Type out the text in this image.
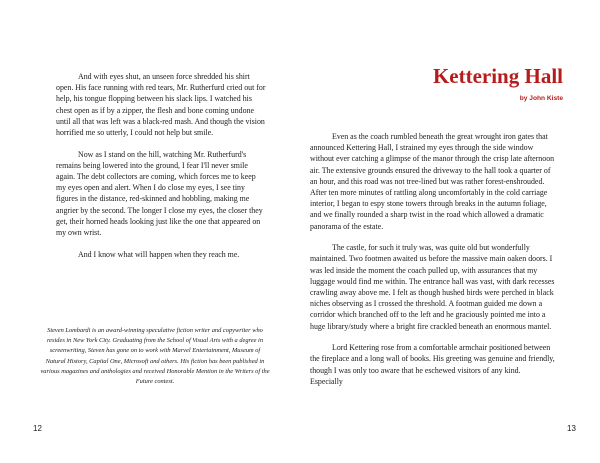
And with eyes shut, an unseen force shredded his shirt open. His face running with red tears, Mr. Rutherfurd cried out for help, his tongue flopping between his slack lips. I watched his chest open as if by a zipper, the flesh and bone coming undone until all that was left was a black-red mash. And though the vision horrified me so utterly, I could not help but smile.

Now as I stand on the hill, watching Mr. Rutherfurd's remains being lowered into the ground, I fear I'll never smile again. The debt collectors are coming, which forces me to keep my eyes open and alert. When I do close my eyes, I see tiny figures in the distance, red-skinned and hobbling, making me angrier by the second. The longer I close my eyes, the closer they get, their horned heads looking just like the one that appeared on my own wrist.

And I know what will happen when they reach me.

Steven Lombardi is an award-winning speculative fiction writer and copywriter who resides in New York City. Graduating from the School of Visual Arts with a degree in screenwriting, Steven has gone on to work with Marvel Entertainment, Museum of Natural History, Capital One, Microsoft and others. His fiction has been published in various magazines and anthologies and received Honorable Mention in the Writers of the Future contest.

12
Kettering Hall
by John Kiste

Even as the coach rumbled beneath the great wrought iron gates that announced Kettering Hall, I strained my eyes through the side window without ever catching a glimpse of the manor through the crisp late afternoon air. The extensive grounds ensured the driveway to the hall took a quarter of an hour, and this road was not tree-lined but was rather forest-enshrouded. After ten more minutes of rattling along uncomfortably in the cold carriage interior, I began to espy stone towers through breaks in the autumn foliage, and we finally rounded a sharp twist in the road which allowed a dramatic panorama of the estate.

The castle, for such it truly was, was quite old but wonderfully maintained. Two footmen awaited us before the massive main oaken doors. I was led inside the moment the coach pulled up, with assurances that my luggage would find me within. The entrance hall was vast, with dark recesses crawling away above me. I felt as though hushed birds were perched in black niches observing as I crossed the threshold. A footman guided me down a corridor which branched off to the left and he graciously pointed me into a huge library/study where a bright fire crackled beneath an enormous mantel.

Lord Kettering rose from a comfortable armchair positioned between the fireplace and a long wall of books. His greeting was genuine and friendly, though I was only too aware that he eschewed visitors of any kind. Especially

13
